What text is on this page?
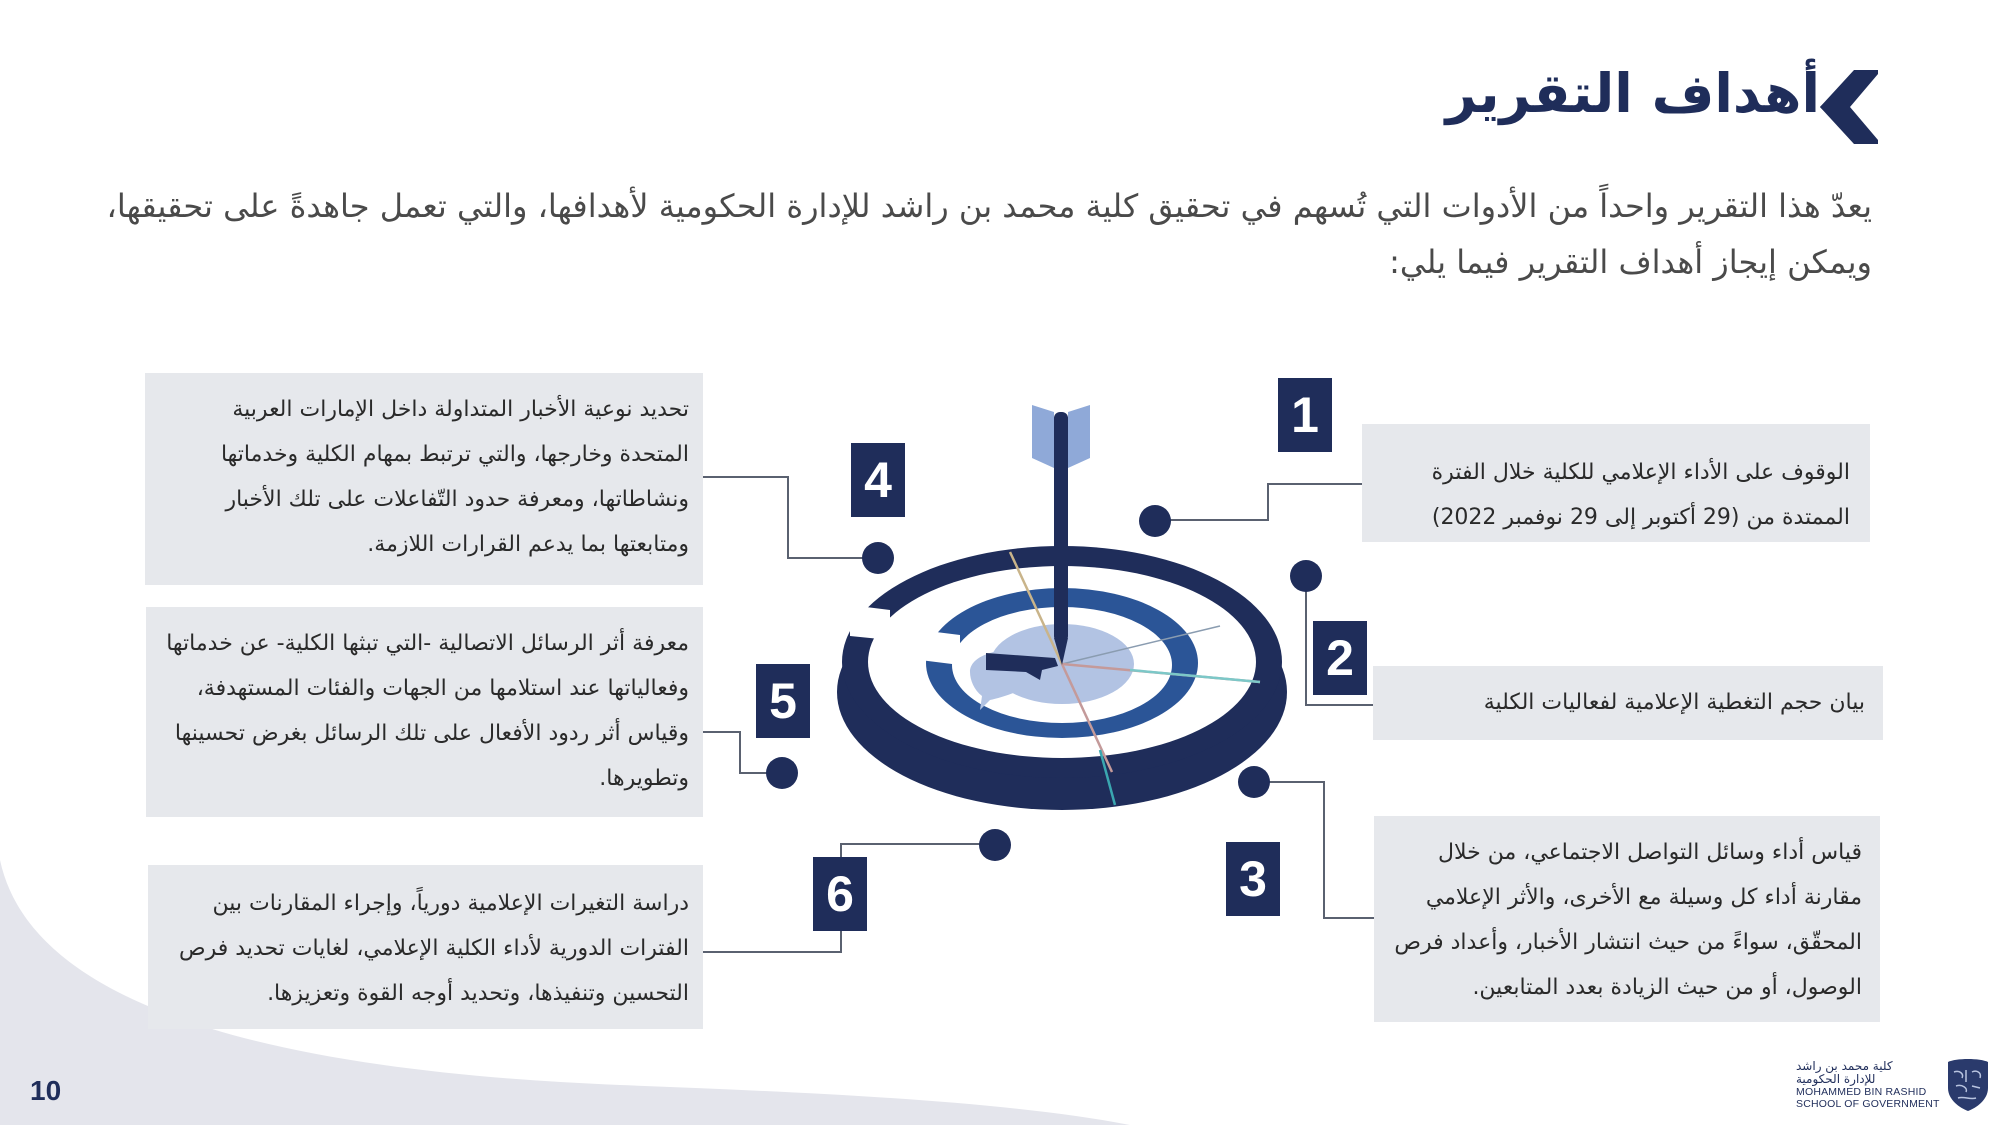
أهداف التقرير
يعدّ هذا التقرير واحداً من الأدوات التي تُسهم في تحقيق كلية محمد بن راشد للإدارة الحكومية لأهدافها، والتي تعمل جاهدةً على تحقيقها، ويمكن إيجاز أهداف التقرير فيما يلي:

الوقوف على الأداء الإعلامي للكلية خلال الفترة الممتدة من (29 أكتوبر إلى 29 نوفمبر 2022)

بيان حجم التغطية الإعلامية لفعاليات الكلية

قياس أداء وسائل التواصل الاجتماعي، من خلال مقارنة أداء كل وسيلة مع الأخرى، والأثر الإعلامي المحقّق، سواءً من حيث انتشار الأخبار، وأعداد فرص الوصول، أو من حيث الزيادة بعدد المتابعين.

تحديد نوعية الأخبار المتداولة داخل الإمارات العربية المتحدة وخارجها، والتي ترتبط بمهام الكلية وخدماتها ونشاطاتها، ومعرفة حدود التّفاعلات على تلك الأخبار ومتابعتها بما يدعم القرارات اللازمة.

معرفة أثر الرسائل الاتصالية -التي تبثها الكلية- عن خدماتها وفعالياتها عند استلامها من الجهات والفئات المستهدفة، وقياس أثر ردود الأفعال على تلك الرسائل بغرض تحسينها وتطويرها.

دراسة التغيرات الإعلامية دورياً، وإجراء المقارنات بين الفترات الدورية لأداء الكلية الإعلامي، لغايات تحديد فرص التحسين وتنفيذها، وتحديد أوجه القوة وتعزيزها.

1
2
3
4
5
6
10
كلية محمد بن راشد
للإدارة الحكومية
MOHAMMED BIN RASHID
SCHOOL OF GOVERNMENT
